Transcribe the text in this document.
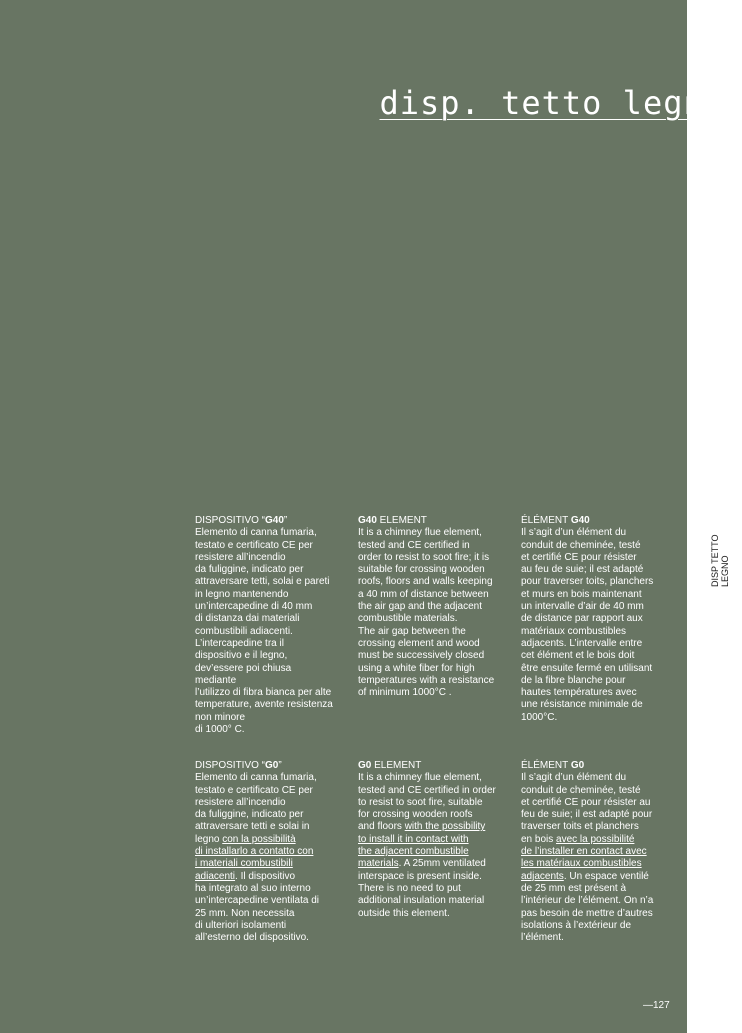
disp. tetto legno

DISPOSITIVO “G40”

Elemento di canna fumaria,
testato e certificato CE per
resistere all’incendio
da fuliggine, indicato per
attraversare tetti, solai e pareti
in legno mantenendo
un’intercapedine di 40 mm
di distanza dai materiali
combustibili adiacenti.
L’intercapedine tra il
dispositivo e il legno,
dev’essere poi chiusa
mediante
l’utilizzo di fibra bianca per alte
temperature, avente resistenza
non minore
di 1000° C.

G40 ELEMENT

It is a chimney flue element,
tested and CE certified in
order to resist to soot fire; it is
suitable for crossing wooden
roofs, floors and walls keeping
a 40 mm of distance between
the air gap and the adjacent
combustible materials.
The air gap between the
crossing element and wood
must be successively closed
using a white fiber for high
temperatures with a resistance
of minimum 1000°C .

ÉLÉMENT G40

Il s’agit d’un élément du
conduit de cheminée, testé
et certifié CE pour résister
au feu de suie; il est adapté
pour traverser toits, planchers
et murs en bois maintenant
un intervalle d’air de 40 mm
de distance par rapport aux
matériaux combustibles
adjacents. L’intervalle entre
cet élément et le bois doit
être ensuite fermé en utilisant
de la fibre blanche pour
hautes températures avec
une résistance minimale de
1000°C.

DISPOSITIVO “G0”

Elemento di canna fumaria,
testato e certificato CE per
resistere all’incendio
da fuliggine, indicato per
attraversare tetti e solai in
legno con la possibilità
di installarlo a contatto con
i materiali combustibili
adiacenti. Il dispositivo
ha integrato al suo interno
un’intercapedine ventilata di
25 mm. Non necessita
di ulteriori isolamenti
all’esterno del dispositivo.

G0 ELEMENT

It is a chimney flue element,
tested and CE certified in order
to resist to soot fire, suitable
for crossing wooden roofs
and floors with the possibility
to install it in contact with
the adjacent combustible
materials. A 25mm ventilated
interspace is present inside.
There is no need to put
additional insulation material
outside this element.

ÉLÉMENT G0

Il s’agit d’un élément du
conduit de cheminée, testé
et certifié CE pour résister au
feu de suie; il est adapté pour
traverser toits et planchers
en bois avec la possibilité
de l’installer en contact avec
les matériaux combustibles
adjacents. Un espace ventilé
de 25 mm est présent à
l’intérieur de l’élément. On n’a
pas besoin de mettre d’autres
isolations à l’extérieur de
l’élément.

DISP TETTO LEGNO
—127
